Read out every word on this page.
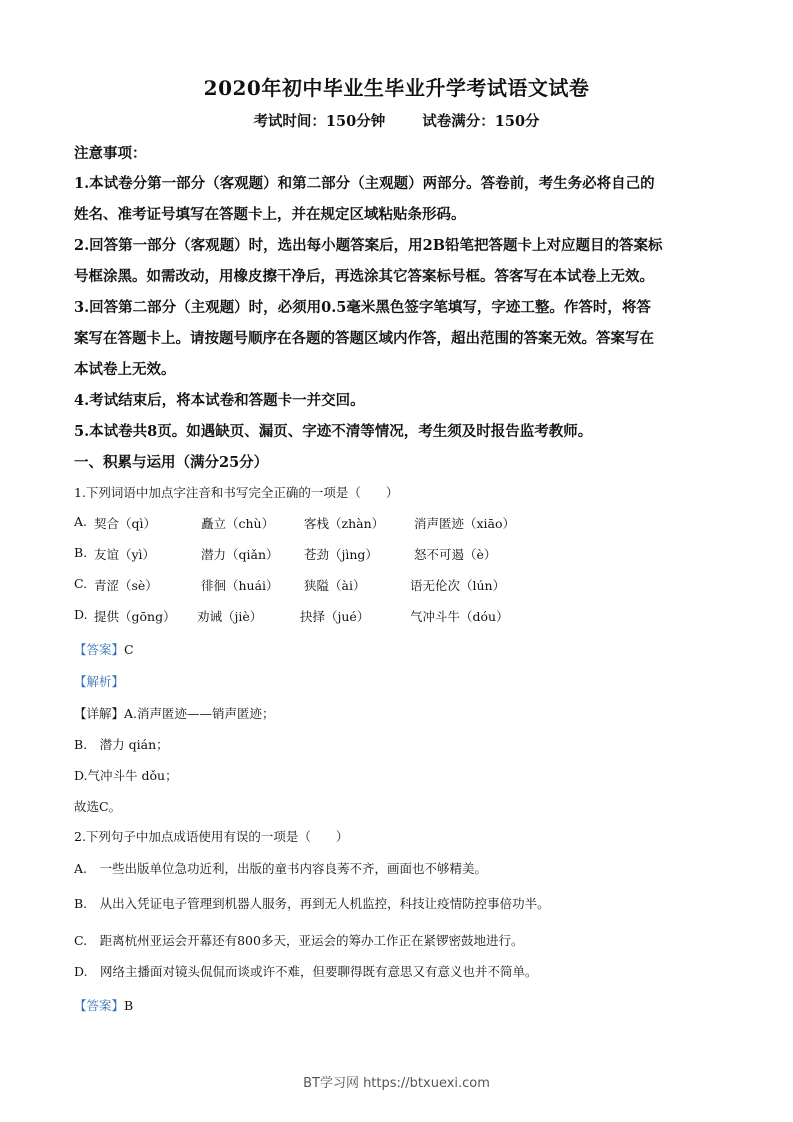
2020年初中毕业生毕业升学考试语文试卷
考试时间：150分钟	试卷满分：150分
注意事项：
1.本试卷分第一部分（客观题）和第二部分（主观题）两部分。答卷前，考生务必将自己的
姓名、准考证号填写在答题卡上，并在规定区域粘贴条形码。
2.回答第一部分（客观题）时，选出每小题答案后，用2B铅笔把答题卡上对应题目的答案标
号框涂黑。如需改动，用橡皮擦干净后，再选涂其它答案标号框。答客写在本试卷上无效。
3.回答第二部分（主观题）时，必须用0.5毫米黑色签字笔填写，字迹工整。作答时，将答
案写在答题卡上。请按题号顺序在各题的答题区域内作答，超出范围的答案无效。答案写在
本试卷上无效。
4.考试结束后，将本试卷和答题卡一并交回。
5.本试卷共8页。如遇缺页、漏页、字迹不清等情况，考生须及时报告监考教师。
一、积累与运用（满分25分）
1.下列词语中加点字注音和书写完全正确的一项是（　　）
A. 契合（qì）	矗立（chù） 客栈（zhàn） 消声匿迹（xiāo）
B. 友谊（yì）	潜力（qiǎn） 苍劲（jìng）	怒不可遏（è）
C. 青涩（sè）	徘徊（huái） 狭隘（ài）	语无伦次（lún）
D. 提供（gōng） 劝诫（jiè）	抉择（jué）	气冲斗牛（dóu）
【答案】C
【解析】
【详解】A.消声匿迹——销声匿迹；
B.　潜力 qián；
D.气冲斗牛 dǒu；
故选C。
2.下列句子中加点成语使用有误的一项是（　　）
A.　一些出版单位急功近利，出版的童书内容良莠不齐，画面也不够精美。
B.　从出入凭证电子管理到机器人服务，再到无人机监控，科技让疫情防控事倍功半。
C.　距离杭州亚运会开幕还有800多天，亚运会的筹办工作正在紧锣密鼓地进行。
D.　网络主播面对镜头侃侃而谈或许不难，但要聊得既有意思又有意义也并不简单。
【答案】B
BT学习网 https://btxuexi.com
